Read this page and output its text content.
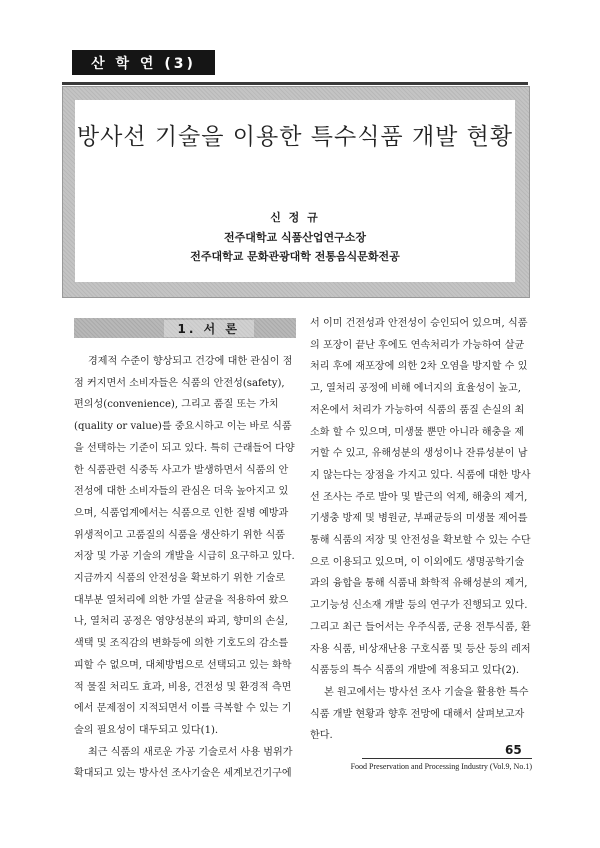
산 학 연 (3)
방사선 기술을 이용한 특수식품 개발 현황
신 정 규
전주대학교 식품산업연구소장
전주대학교 문화관광대학 전통음식문화전공
1. 서 론

경제적 수준이 향상되고 건강에 대한 관심이 점점 커지면서 소비자들은 식품의 안전성(safety), 편의성(convenience), 그리고 품질 또는 가치(quality or value)를 중요시하고 이는 바로 식품을 선택하는 기준이 되고 있다. 특히 근래들어 다양한 식품관련 식중독 사고가 발생하면서 식품의 안전성에 대한 소비자들의 관심은 더욱 높아지고 있으며, 식품업계에서는 식품으로 인한 질병 예방과 위생적이고 고품질의 식품을 생산하기 위한 식품 저장 및 가공 기술의 개발을 시급히 요구하고 있다. 지금까지 식품의 안전성을 확보하기 위한 기술로 대부분 열처리에 의한 가열 살균을 적용하여 왔으나, 열처리 공정은 영양성분의 파괴, 향미의 손실, 색택 및 조직감의 변화등에 의한 기호도의 감소를 피할 수 없으며, 대체방법으로 선택되고 있는 화학적 물질 처리도 효과, 비용, 건전성 및 환경적 측면에서 문제점이 지적되면서 이를 극복할 수 있는 기술의 필요성이 대두되고 있다(1).

최근 식품의 새로운 가공 기술로서 사용 범위가 확대되고 있는 방사선 조사기술은 세계보건기구에

서 이미 건전성과 안전성이 승인되어 있으며, 식품의 포장이 끝난 후에도 연속처리가 가능하여 살균처리 후에 재포장에 의한 2차 오염을 방지할 수 있고, 열처리 공정에 비해 에너지의 효율성이 높고, 저온에서 처리가 가능하여 식품의 품질 손실의 최소화 할 수 있으며, 미생물 뿐만 아니라 해충을 제거할 수 있고, 유해성분의 생성이나 잔류성분이 남지 않는다는 장점을 가지고 있다. 식품에 대한 방사선 조사는 주로 발아 및 발근의 억제, 해충의 제거, 기생충 방제 및 병원균, 부패균등의 미생물 제어를 통해 식품의 저장 및 안전성을 확보할 수 있는 수단으로 이용되고 있으며, 이 이외에도 생명공학기술과의 융합을 통해 식품내 화학적 유해성분의 제거, 고기능성 신소재 개발 등의 연구가 진행되고 있다. 그리고 최근 들어서는 우주식품, 군용 전투식품, 환자용 식품, 비상재난용 구호식품 및 등산 등의 레저 식품등의 특수 식품의 개발에 적용되고 있다(2).

본 원고에서는 방사선 조사 기술을 활용한 특수식품 개발 현황과 향후 전망에 대해서 살펴보고자 한다.

65
Food Preservation and Processing Industry (Vol.9, No.1)
